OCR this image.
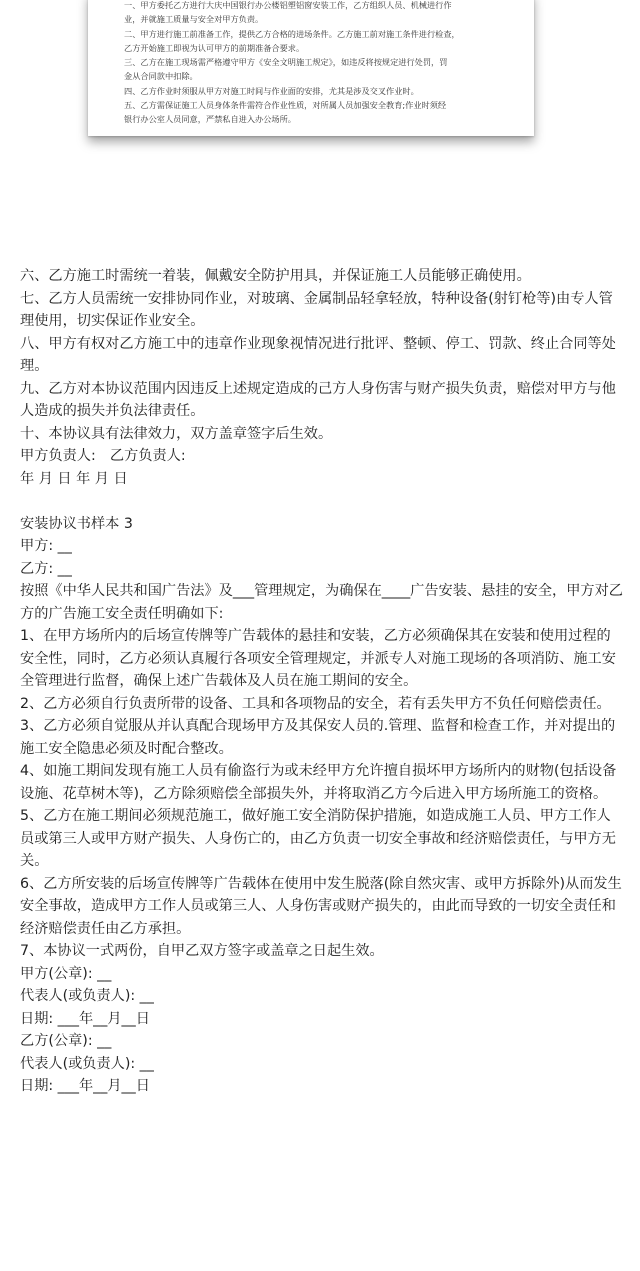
一、甲方委托乙方进行大庆中国银行办公楼铝塑铝窗安装工作，乙方组织人员、机械进行作
业，并就施工质量与安全对甲方负责。
二、甲方进行施工前准备工作，提供乙方合格的进场条件。乙方施工前对施工条件进行检查，
乙方开始施工即视为认可甲方的前期准备合要求。
三、乙方在施工现场需严格遵守甲方《安全文明施工规定》，如违反将按规定进行处罚，罚
金从合同款中扣除。
四、乙方作业时须服从甲方对施工时间与作业面的安排，尤其是涉及交叉作业时。
五、乙方需保证施工人员身体条件需符合作业性质，对所属人员加强安全教育;作业时须经
银行办公室人员同意，严禁私自进入办公场所。

六、乙方施工时需统一着装，佩戴安全防护用具，并保证施工人员能够正确使用。

七、乙方人员需统一安排协同作业，对玻璃、金属制品轻拿轻放，特种设备(射钉枪等)由专人管理使用，切实保证作业安全。

八、甲方有权对乙方施工中的违章作业现象视情况进行批评、整顿、停工、罚款、终止合同等处理。

九、乙方对本协议范围内因违反上述规定造成的己方人身伤害与财产损失负责，赔偿对甲方与他人造成的损失并负法律责任。

十、本协议具有法律效力，双方盖章签字后生效。

甲方负责人:　乙方负责人:

年 月 日 年 月 日

安装协议书样本 3

甲方: __

乙方: __

按照《中华人民共和国广告法》及___管理规定，为确保在____广告安装、悬挂的安全，甲方对乙方的广告施工安全责任明确如下:

1、在甲方场所内的后场宣传牌等广告载体的悬挂和安装，乙方必须确保其在安装和使用过程的安全性，同时，乙方必须认真履行各项安全管理规定，并派专人对施工现场的各项消防、施工安全管理进行监督，确保上述广告载体及人员在施工期间的安全。

2、乙方必须自行负责所带的设备、工具和各项物品的安全，若有丢失甲方不负任何赔偿责任。

3、乙方必须自觉服从并认真配合现场甲方及其保安人员的.管理、监督和检查工作，并对提出的施工安全隐患必须及时配合整改。

4、如施工期间发现有施工人员有偷盗行为或未经甲方允许擅自损坏甲方场所内的财物(包括设备设施、花草树木等)，乙方除须赔偿全部损失外，并将取消乙方今后进入甲方场所施工的资格。

5、乙方在施工期间必须规范施工，做好施工安全消防保护措施，如造成施工人员、甲方工作人员或第三人或甲方财产损失、人身伤亡的，由乙方负责一切安全事故和经济赔偿责任，与甲方无关。

6、乙方所安装的后场宣传牌等广告载体在使用中发生脱落(除自然灾害、或甲方拆除外)从而发生安全事故，造成甲方工作人员或第三人、人身伤害或财产损失的，由此而导致的一切安全责任和经济赔偿责任由乙方承担。

7、本协议一式两份，自甲乙双方签字或盖章之日起生效。

甲方(公章): __

代表人(或负责人): __

日期: ___年__月__日

乙方(公章): __

代表人(或负责人): __

日期: ___年__月__日
